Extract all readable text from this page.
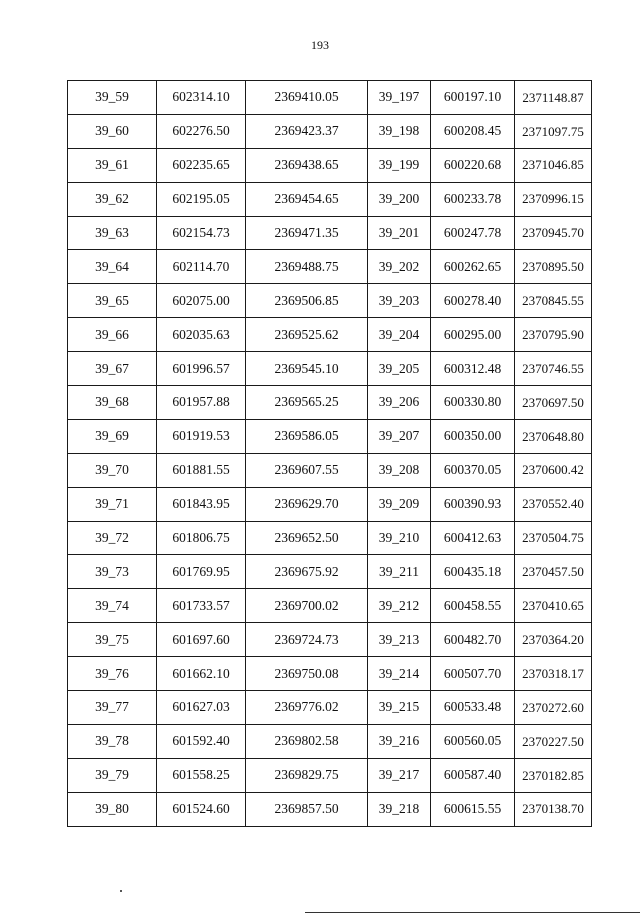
193
39_59	602314.10	2369410.05	39_197	600197.10	2371148.87

39_60	602276.50	2369423.37	39_198	600208.45	2371097.75

39_61	602235.65	2369438.65	39_199	600220.68	2371046.85

39_62	602195.05	2369454.65	39_200	600233.78	2370996.15

39_63	602154.73	2369471.35	39_201	600247.78	2370945.70

39_64	602114.70	2369488.75	39_202	600262.65	2370895.50

39_65	602075.00	2369506.85	39_203	600278.40	2370845.55

39_66	602035.63	2369525.62	39_204	600295.00	2370795.90

39_67	601996.57	2369545.10	39_205	600312.48	2370746.55

39_68	601957.88	2369565.25	39_206	600330.80	2370697.50

39_69	601919.53	2369586.05	39_207	600350.00	2370648.80

39_70	601881.55	2369607.55	39_208	600370.05	2370600.42

39_71	601843.95	2369629.70	39_209	600390.93	2370552.40

39_72	601806.75	2369652.50	39_210	600412.63	2370504.75

39_73	601769.95	2369675.92	39_211	600435.18	2370457.50

39_74	601733.57	2369700.02	39_212	600458.55	2370410.65

39_75	601697.60	2369724.73	39_213	600482.70	2370364.20

39_76	601662.10	2369750.08	39_214	600507.70	2370318.17

39_77	601627.03	2369776.02	39_215	600533.48	2370272.60

39_78	601592.40	2369802.58	39_216	600560.05	2370227.50

39_79	601558.25	2369829.75	39_217	600587.40	2370182.85

39_80	601524.60	2369857.50	39_218	600615.55	2370138.70
